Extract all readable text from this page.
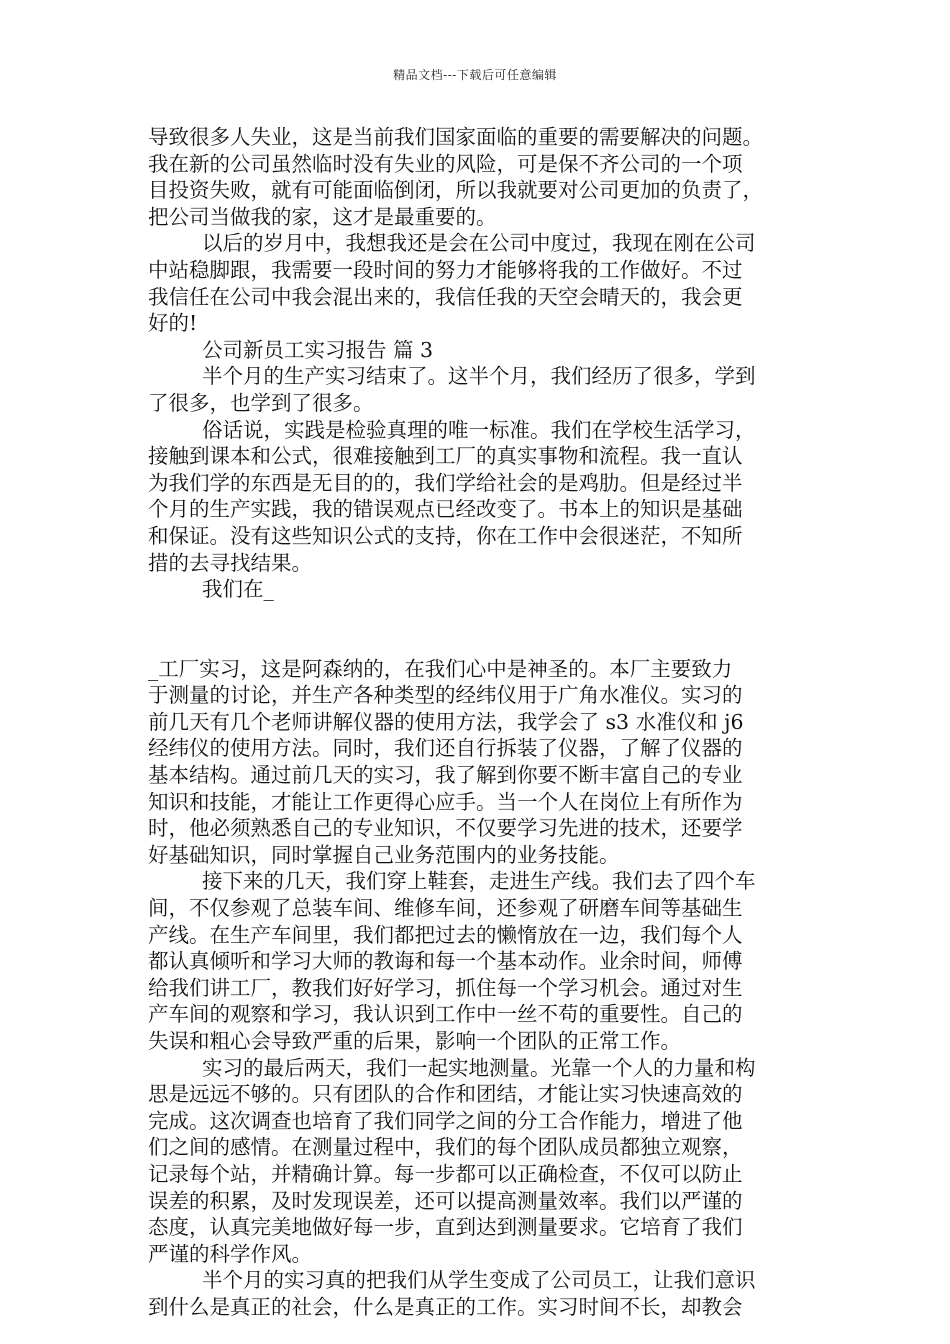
精品文档---下载后可任意编辑
导致很多人失业，这是当前我们国家面临的重要的需要解决的问题。
我在新的公司虽然临时没有失业的风险，可是保不齐公司的一个项
目投资失败，就有可能面临倒闭，所以我就要对公司更加的负责了，
把公司当做我的家，这才是最重要的。
以后的岁月中，我想我还是会在公司中度过，我现在刚在公司
中站稳脚跟，我需要一段时间的努力才能够将我的工作做好。不过
我信任在公司中我会混出来的，我信任我的天空会晴天的，我会更
好的!
公司新员工实习报告 篇 3
半个月的生产实习结束了。这半个月，我们经历了很多，学到
了很多，也学到了很多。
俗话说，实践是检验真理的唯一标准。我们在学校生活学习，
接触到课本和公式，很难接触到工厂的真实事物和流程。我一直认
为我们学的东西是无目的的，我们学给社会的是鸡肋。但是经过半
个月的生产实践，我的错误观点已经改变了。书本上的知识是基础
和保证。没有这些知识公式的支持，你在工作中会很迷茫，不知所
措的去寻找结果。
我们在_
_工厂实习，这是阿森纳的，在我们心中是神圣的。本厂主要致力
于测量的讨论，并生产各种类型的经纬仪用于广角水准仪。实习的
前几天有几个老师讲解仪器的使用方法，我学会了 s3 水准仪和 j6
经纬仪的使用方法。同时，我们还自行拆装了仪器，了解了仪器的
基本结构。通过前几天的实习，我了解到你要不断丰富自己的专业
知识和技能，才能让工作更得心应手。当一个人在岗位上有所作为
时，他必须熟悉自己的专业知识，不仅要学习先进的技术，还要学
好基础知识，同时掌握自己业务范围内的业务技能。
接下来的几天，我们穿上鞋套，走进生产线。我们去了四个车
间，不仅参观了总装车间、维修车间，还参观了研磨车间等基础生
产线。在生产车间里，我们都把过去的懒惰放在一边，我们每个人
都认真倾听和学习大师的教诲和每一个基本动作。业余时间，师傅
给我们讲工厂，教我们好好学习，抓住每一个学习机会。通过对生
产车间的观察和学习，我认识到工作中一丝不苟的重要性。自己的
失误和粗心会导致严重的后果，影响一个团队的正常工作。
实习的最后两天，我们一起实地测量。光靠一个人的力量和构
思是远远不够的。只有团队的合作和团结，才能让实习快速高效的
完成。这次调查也培育了我们同学之间的分工合作能力，增进了他
们之间的感情。在测量过程中，我们的每个团队成员都独立观察，
记录每个站，并精确计算。每一步都可以正确检查，不仅可以防止
误差的积累，及时发现误差，还可以提高测量效率。我们以严谨的
态度，认真完美地做好每一步，直到达到测量要求。它培育了我们
严谨的科学作风。
半个月的实习真的把我们从学生变成了公司员工，让我们意识
到什么是真正的社会，什么是真正的工作。实习时间不长，却教会
